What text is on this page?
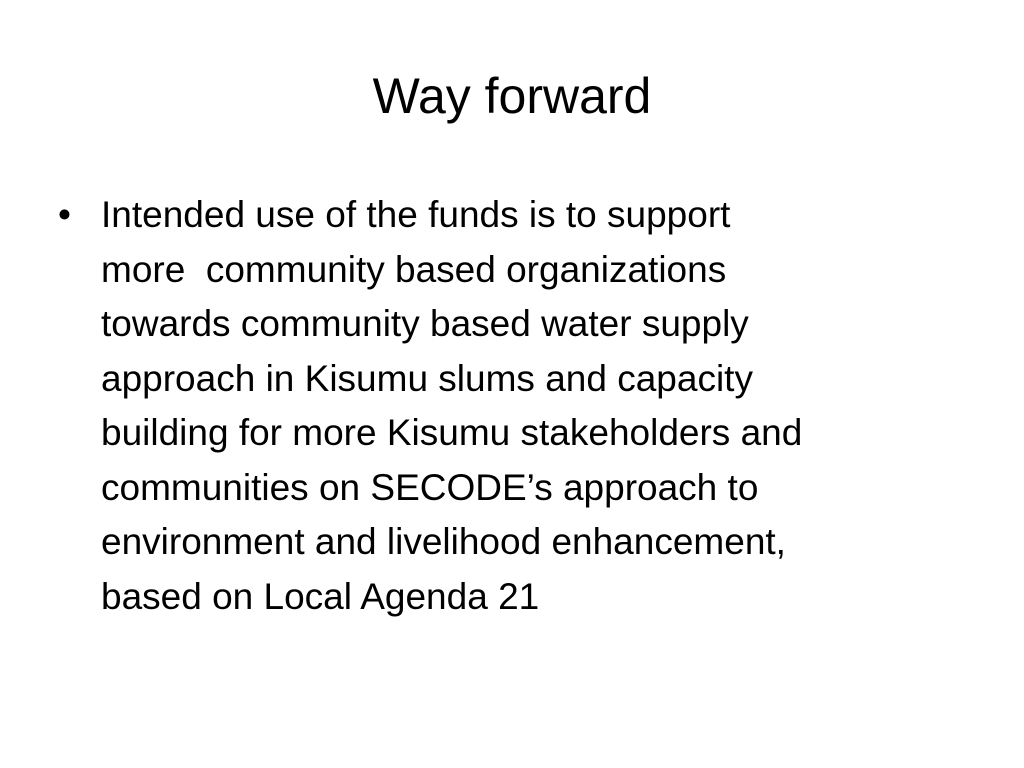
Way forward
• Intended use of the funds is to support
more  community based organizations
towards community based water supply
approach in Kisumu slums and capacity
building for more Kisumu stakeholders and
communities on SECODE’s approach to
environment and livelihood enhancement,
based on Local Agenda 21
